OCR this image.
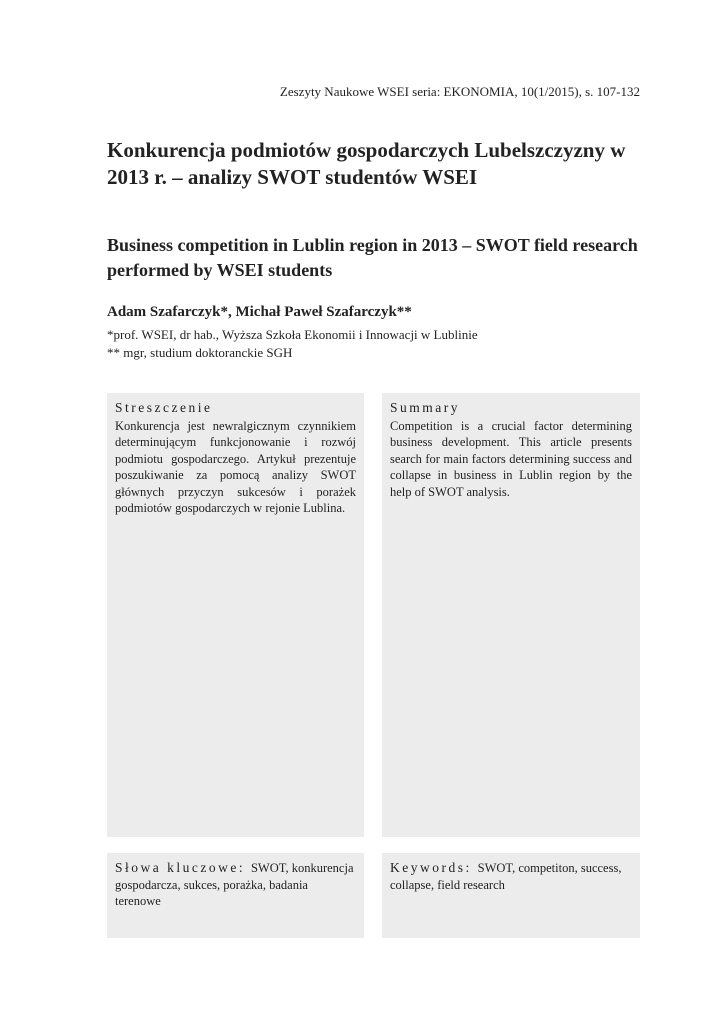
Zeszyty Naukowe WSEI seria: EKONOMIA, 10(1/2015), s. 107-132
Konkurencja podmiotów gospodarczych Lubelszczyzny w 2013 r. – analizy SWOT studentów WSEI
Business competition in Lublin region in 2013 – SWOT field research performed by WSEI students
Adam Szafarczyk*, Michał Paweł Szafarczyk**
*prof. WSEI, dr hab., Wyższa Szkoła Ekonomii i Innowacji w Lublinie
** mgr, studium doktoranckie SGH
Streszczenie
Konkurencja jest newralgicznym czynnikiem determinującym funkcjonowanie i rozwój podmiotu gospodarczego. Artykuł prezentuje poszukiwanie za pomocą analizy SWOT głównych przyczyn sukcesów i porażek podmiotów gospodarczych w rejonie Lublina.
Summary
Competition is a crucial factor determining business development. This article presents search for main factors determining success and collapse in business in Lublin region by the help of SWOT analysis.
Słowa kluczowe: SWOT, konkurencja gospodarcza, sukces, porażka, badania terenowe
Keywords: SWOT, competiton, success, collapse, field research
